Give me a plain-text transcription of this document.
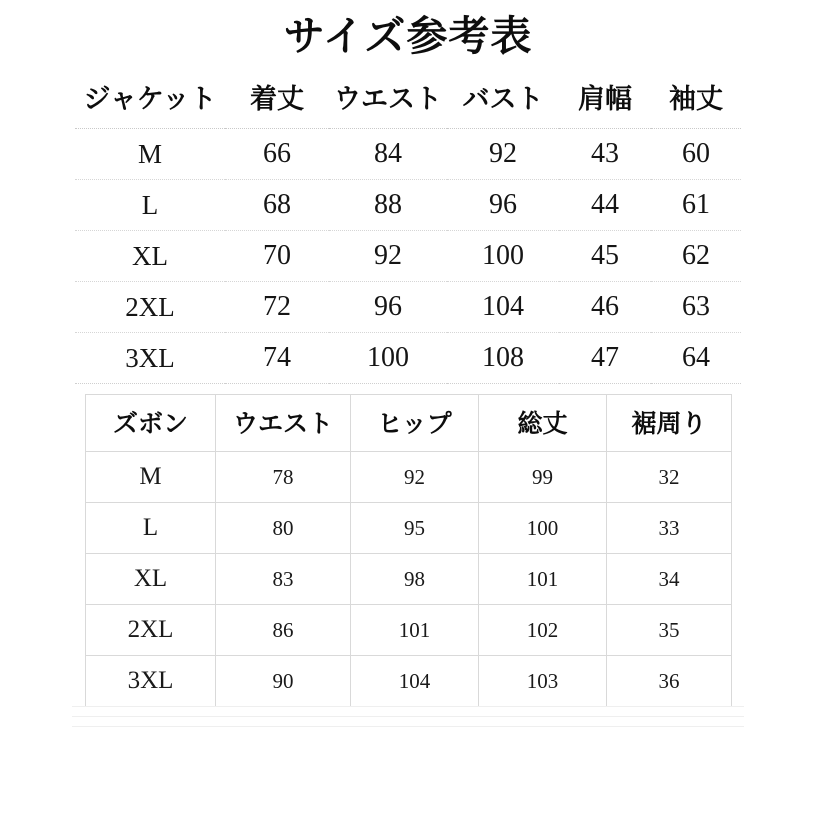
サイズ参考表
ジャケット	着丈	ウエスト	バスト	肩幅	袖丈
M	66	84	92	43	60
L	68	88	96	44	61
XL	70	92	100	45	62
2XL	72	96	104	46	63
3XL	74	100	108	47	64
ズボン	ウエスト	ヒップ	総丈	裾周り
M	78	92	99	32
L	80	95	100	33
XL	83	98	101	34
2XL	86	101	102	35
3XL	90	104	103	36
